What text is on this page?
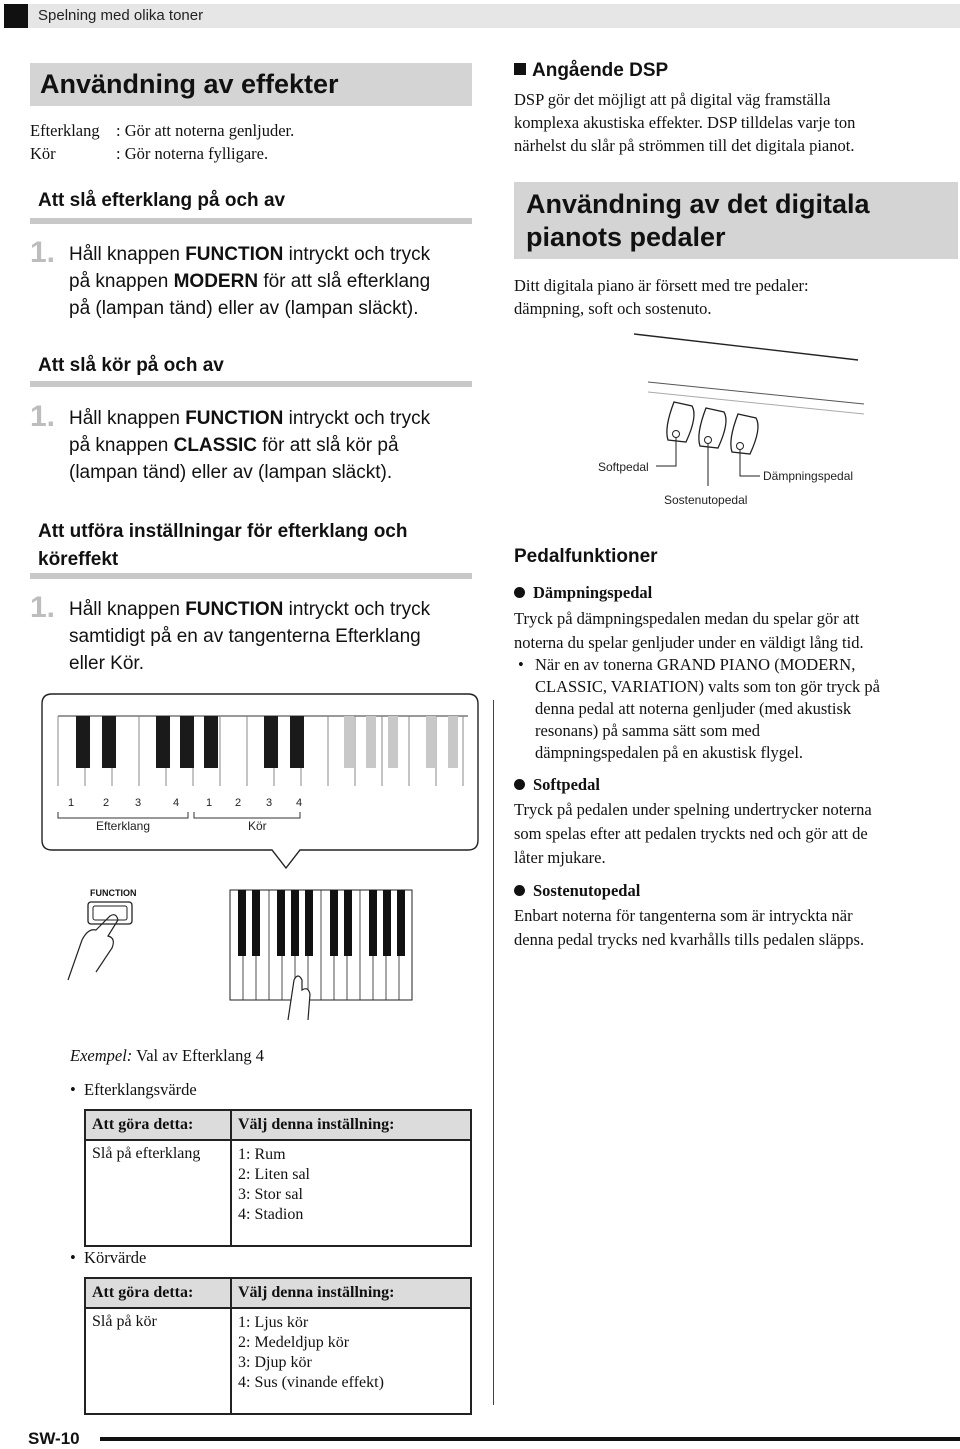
Spelning med olika toner
Användning av effekter
Efterklang : Gör att noterna genljuder.
Kör	: Gör noterna fylligare.
Att slå efterklang på och av
1. Håll knappen FUNCTION intryckt och tryck
på knappen MODERN för att slå efterklang
på (lampan tänd) eller av (lampan släckt).
Att slå kör på och av
1. Håll knappen FUNCTION intryckt och tryck
på knappen CLASSIC för att slå kör på
(lampan tänd) eller av (lampan släckt).
Att utföra inställningar för efterklang och
köreffekt
1. Håll knappen FUNCTION intryckt och tryck
samtidigt på en av tangenterna Efterklang
eller Kör.
1	2 3	4 1 2 3 4
Efterklang	Kör
FUNCTION
Exempel: Val av Efterklang 4
•  Efterklangsvärde
Att göra detta:	Välj denna inställning:
Slå på efterklang	1: Rum
2: Liten sal
3: Stor sal
4: Stadion
•  Körvärde
Att göra detta:	Välj denna inställning:
Slå på kör	1: Ljus kör
2: Medeldjup kör
3: Djup kör
4: Sus (vinande effekt)
Angående DSP
DSP gör det möjligt att på digital väg framställa
komplexa akustiska effekter. DSP tilldelas varje ton
närhelst du slår på strömmen till det digitala pianot.
Användning av det digitala
pianots pedaler
Ditt digitala piano är försett med tre pedaler:
dämpning, soft och sostenuto.
Softpedal
Sostenutopedal
Dämpningspedal
Pedalfunktioner
Dämpningspedal
Tryck på dämpningspedalen medan du spelar gör att
noterna du spelar genljuder under en väldigt lång tid.
• När en av tonerna GRAND PIANO (MODERN,
CLASSIC, VARIATION) valts som ton gör tryck på
denna pedal att noterna genljuder (med akustisk
resonans) på samma sätt som med
dämpningspedalen på en akustisk flygel.
Softpedal
Tryck på pedalen under spelning undertrycker noterna
som spelas efter att pedalen tryckts ned och gör att de
låter mjukare.
Sostenutopedal
Enbart noterna för tangenterna som är intryckta när
denna pedal trycks ned kvarhålls tills pedalen släpps.
SW-10
